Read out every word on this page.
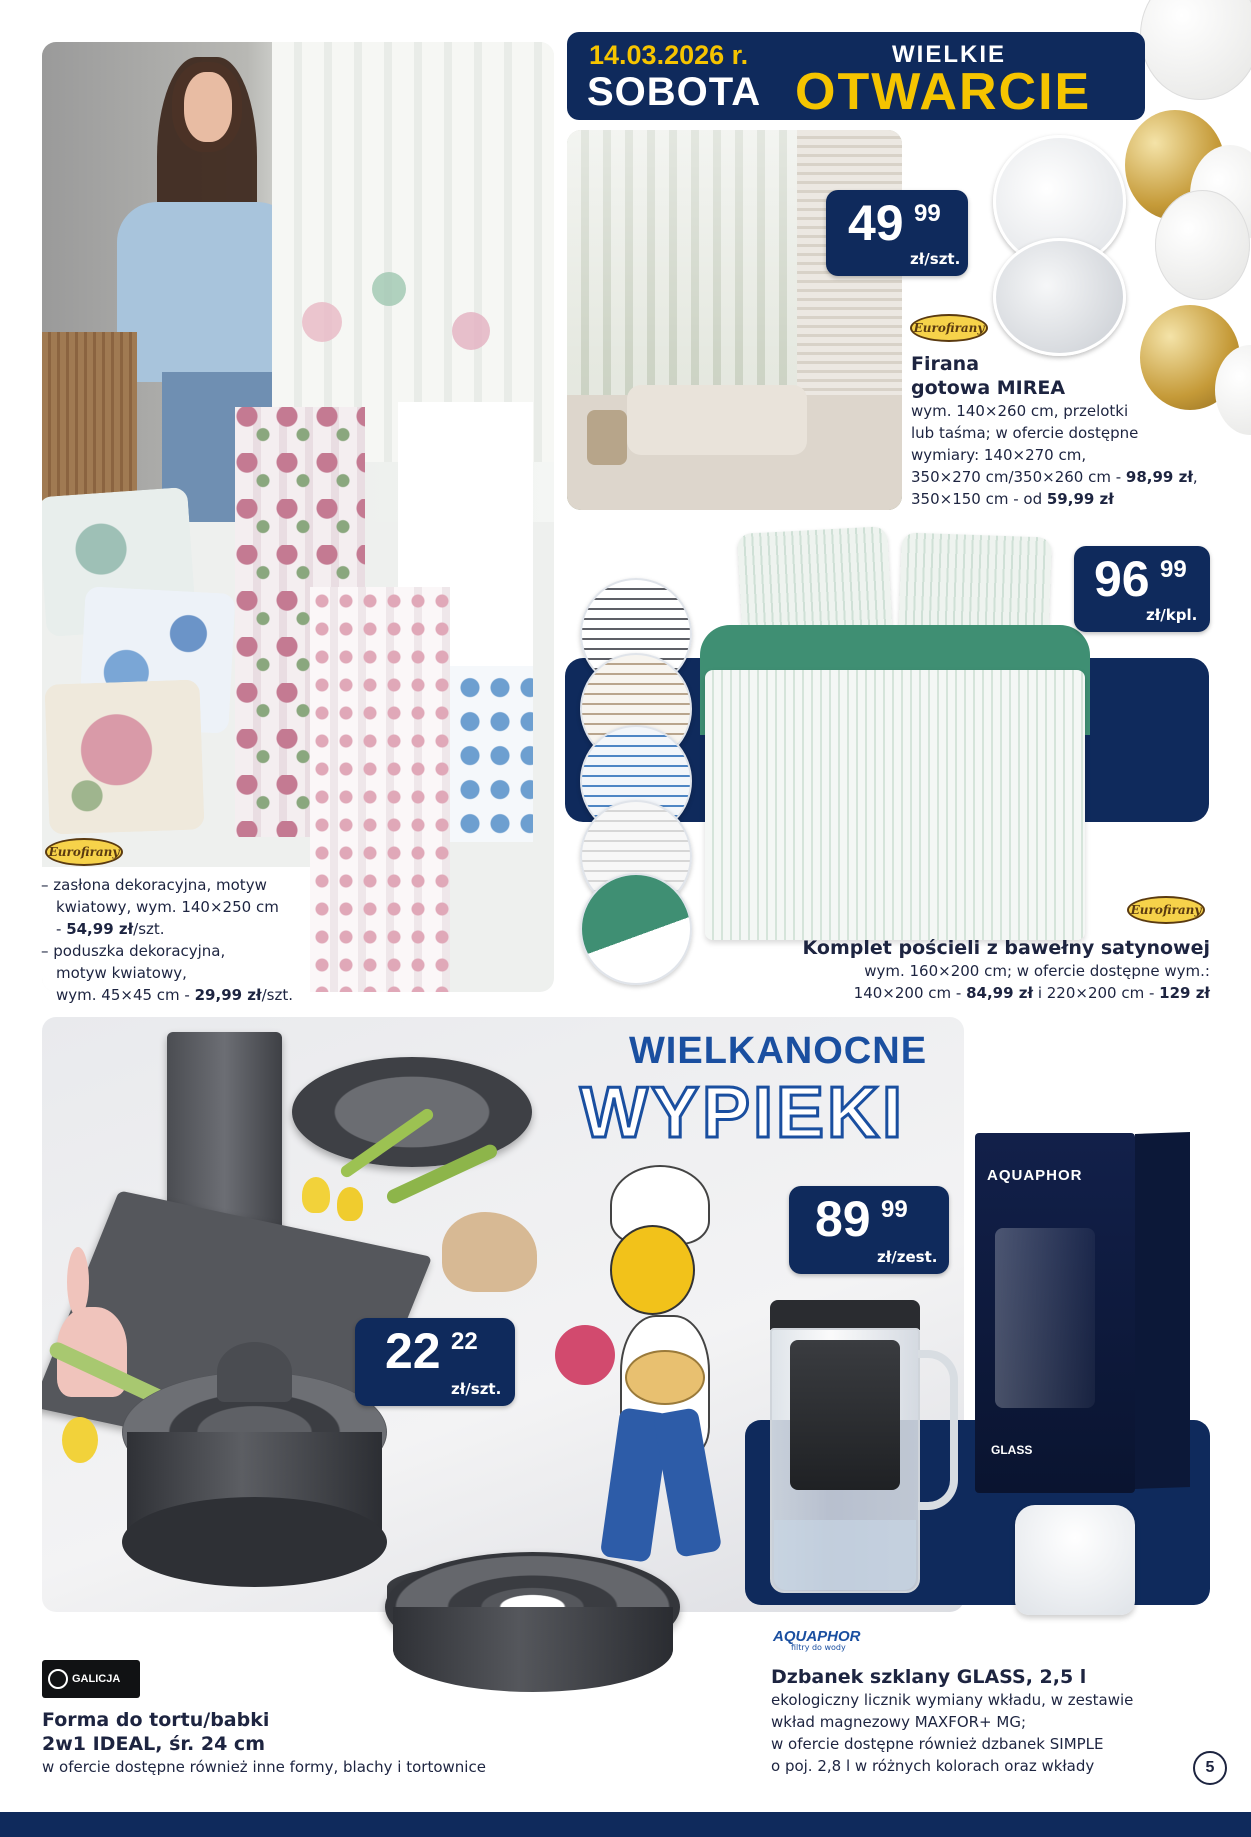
Eurofirany
– zasłona dekoracyjna, motyw
kwiatowy, wym. 140×250 cm
- 54,99 zł/szt.
– poduszka dekoracyjna,
motyw kwiatowy,
wym. 45×45 cm - 29,99 zł/szt.
14.03.2026 r.
SOBOTA
WIELKIE
OTWARCIE
49 99
zł/szt.
Eurofirany
Firana
gotowa MIREA
wym. 140×260 cm, przelotki
lub taśma; w ofercie dostępne
wymiary: 140×270 cm,
350×270 cm/350×260 cm - 98,99 zł,
350×150 cm - od 59,99 zł
96 99
zł/kpl.
Eurofirany
Komplet pościeli z bawełny satynowej
wym. 160×200 cm; w ofercie dostępne wym.:
140×200 cm - 84,99 zł i 220×200 cm - 129 zł
WIELKANOCNE
WYPIEKI
22 22
zł/szt.
GALICJA
Forma do tortu/babki
2w1 IDEAL, śr. 24 cm
w ofercie dostępne również inne formy, blachy i tortownice
AQUAPHOR
GLASS
89 99
zł/zest.
AQUAPHOR
filtry do wody
Dzbanek szklany GLASS, 2,5 l
ekologiczny licznik wymiany wkładu, w zestawie
wkład magnezowy MAXFOR+ MG;
w ofercie dostępne również dzbanek SIMPLE
o poj. 2,8 l w różnych kolorach oraz wkłady	5
